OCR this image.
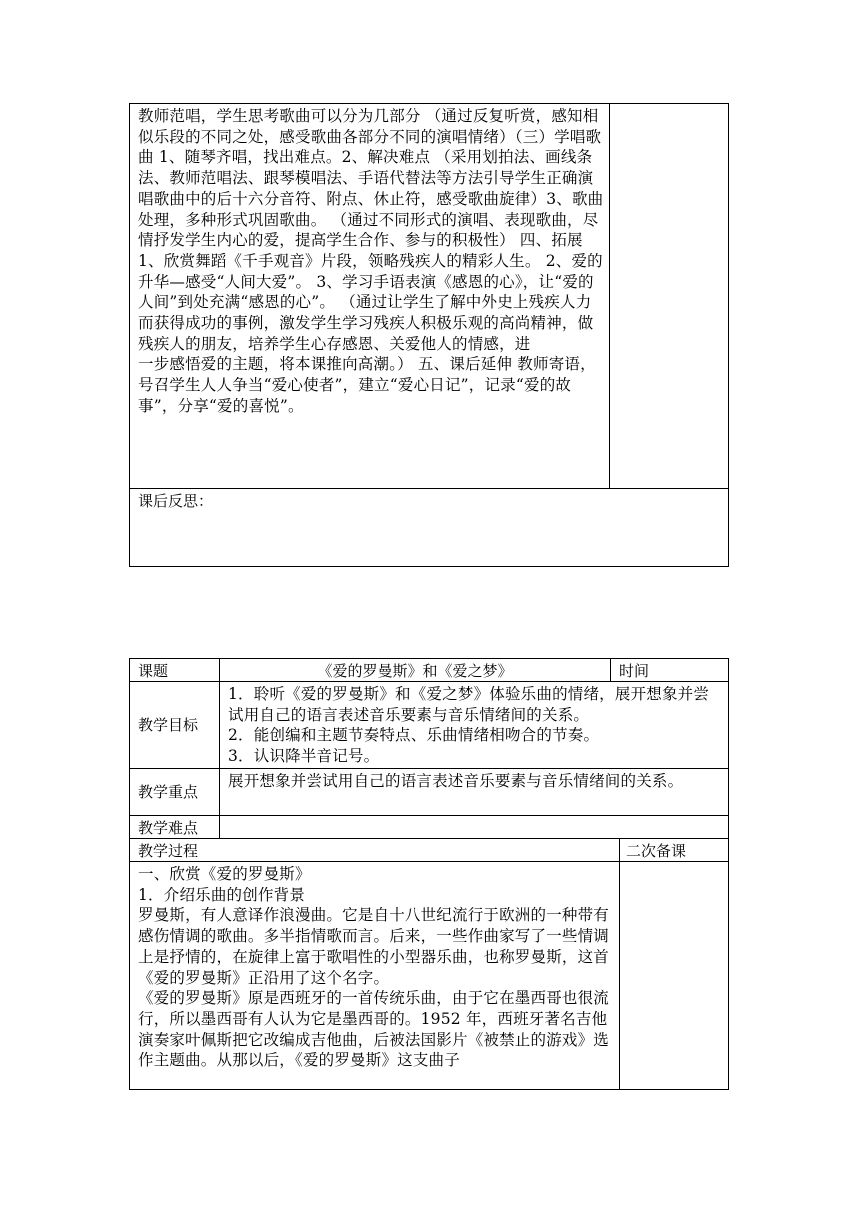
教师范唱，学生思考歌曲可以分为几部分 （通过反复听赏，感知相似乐段的不同之处，感受歌曲各部分不同的演唱情绪）（三）学唱歌曲 1、随琴齐唱，找出难点。2、解决难点 （采用划拍法、画线条法、教师范唱法、跟琴模唱法、手语代替法等方法引导学生正确演唱歌曲中的后十六分音符、附点、休止符，感受歌曲旋律）3、歌曲处理，多种形式巩固歌曲。 （通过不同形式的演唱、表现歌曲，尽情抒发学生内心的爱，提高学生合作、参与的积极性） 四、拓展 1、欣赏舞蹈《千手观音》片段，领略残疾人的精彩人生。 2、爱的升华—感受“人间大爱”。 3、学习手语表演《感恩的心》，让“爱的人间”到处充满“感恩的心”。 （通过让学生了解中外史上残疾人力而获得成功的事例，激发学生学习残疾人积极乐观的高尚精神，做残疾人的朋友，培养学生心存感恩、关爱他人的情感，进

一步感悟爱的主题，将本课推向高潮。） 五、课后延伸 教师寄语，号召学生人人争当“爱心使者”，建立“爱心日记”，记录“爱的故事”，分享“爱的喜悦”。

课后反思：
课题	《爱的罗曼斯》和《爱之梦》	时间	

教学目标	1．聆听《爱的罗曼斯》和《爱之梦》体验乐曲的情绪，展开想象并尝试用自己的语言表述音乐要素与音乐情绪间的关系。

2．能创编和主题节奏特点、乐曲情绪相吻合的节奏。

3．认识降半音记号。		

教学重点	展开想象并尝试用自己的语言表述音乐要素与音乐情绪间的关系。		

教学难点			

教学过程			二次备课

一、欣赏《爱的罗曼斯》

1．介绍乐曲的创作背景

罗曼斯，有人意译作浪漫曲。它是自十八世纪流行于欧洲的一种带有感伤情调的歌曲。多半指情歌而言。后来，一些作曲家写了一些情调上是抒情的，在旋律上富于歌唱性的小型器乐曲，也称罗曼斯，这首《爱的罗曼斯》正沿用了这个名字。

《爱的罗曼斯》原是西班牙的一首传统乐曲，由于它在墨西哥也很流行，所以墨西哥有人认为它是墨西哥的。1952 年，西班牙著名吉他演奏家叶佩斯把它改编成吉他曲，后被法国影片《被禁止的游戏》选作主题曲。从那以后，《爱的罗曼斯》这支曲子			
